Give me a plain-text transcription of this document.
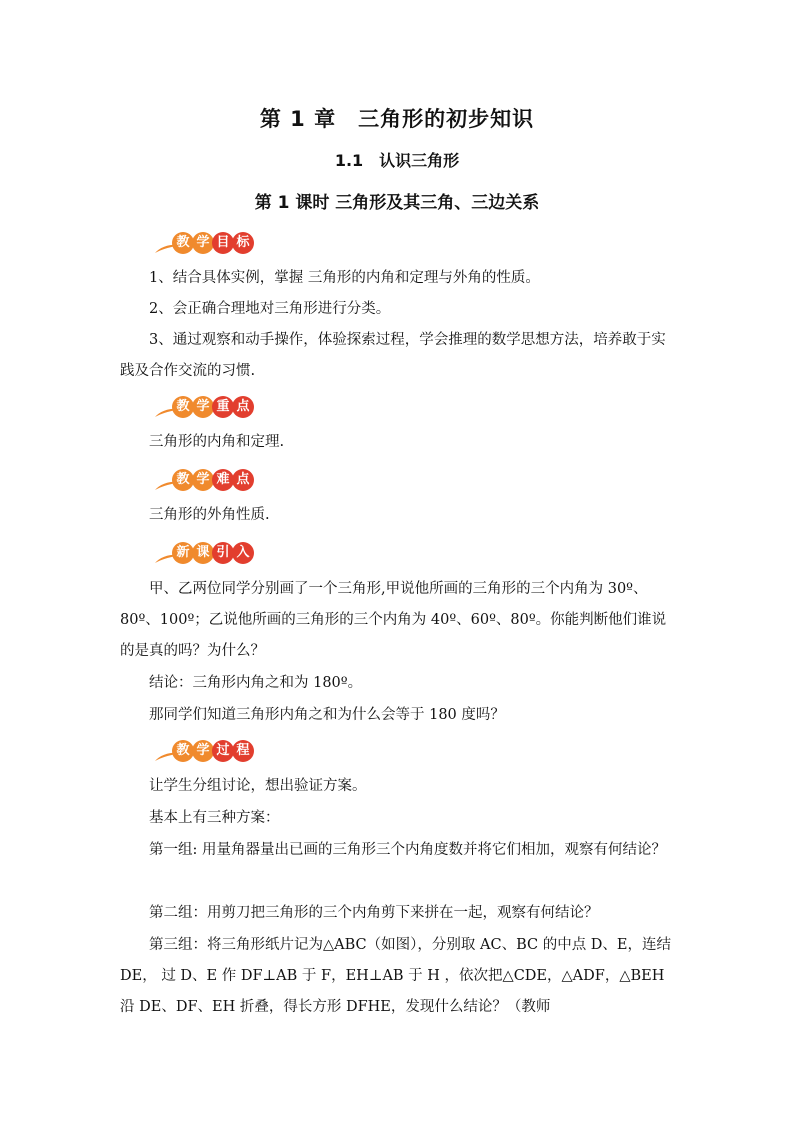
第 1 章　三角形的初步知识
1.1　认识三角形
第 1 课时 三角形及其三角、三边关系
教 学 目 标
1、结合具体实例，掌握 三角形的内角和定理与外角的性质。
2、会正确合理地对三角形进行分类。
3、通过观察和动手操作，体验探索过程，学会推理的数学思想方法，培养敢于实践及合作交流的习惯.
教 学 重 点
三角形的内角和定理.
教 学 难 点
三角形的外角性质.
新 课 引 入
甲、乙两位同学分别画了一个三角形,甲说他所画的三角形的三个内角为 30º、80º、100º；乙说他所画的三角形的三个内角为 40º、60º、80º。你能判断他们谁说的是真的吗？为什么？
结论：三角形内角之和为 180º。
那同学们知道三角形内角之和为什么会等于 180 度吗？
教 学 过 程
让学生分组讨论，想出验证方案。
基本上有三种方案：
第一组: 用量角器量出已画的三角形三个内角度数并将它们相加，观察有何结论？
第二组：用剪刀把三角形的三个内角剪下来拼在一起，观察有何结论？
第三组：将三角形纸片记为△ABC（如图），分别取 AC、BC 的中点 D、E，连结 DE， 过 D、E 作 DF⊥AB 于 F，EH⊥AB 于 H ，依次把△CDE，△ADF，△BEH 沿 DE、DF、EH 折叠，得长方形 DFHE，发现什么结论？（教师
